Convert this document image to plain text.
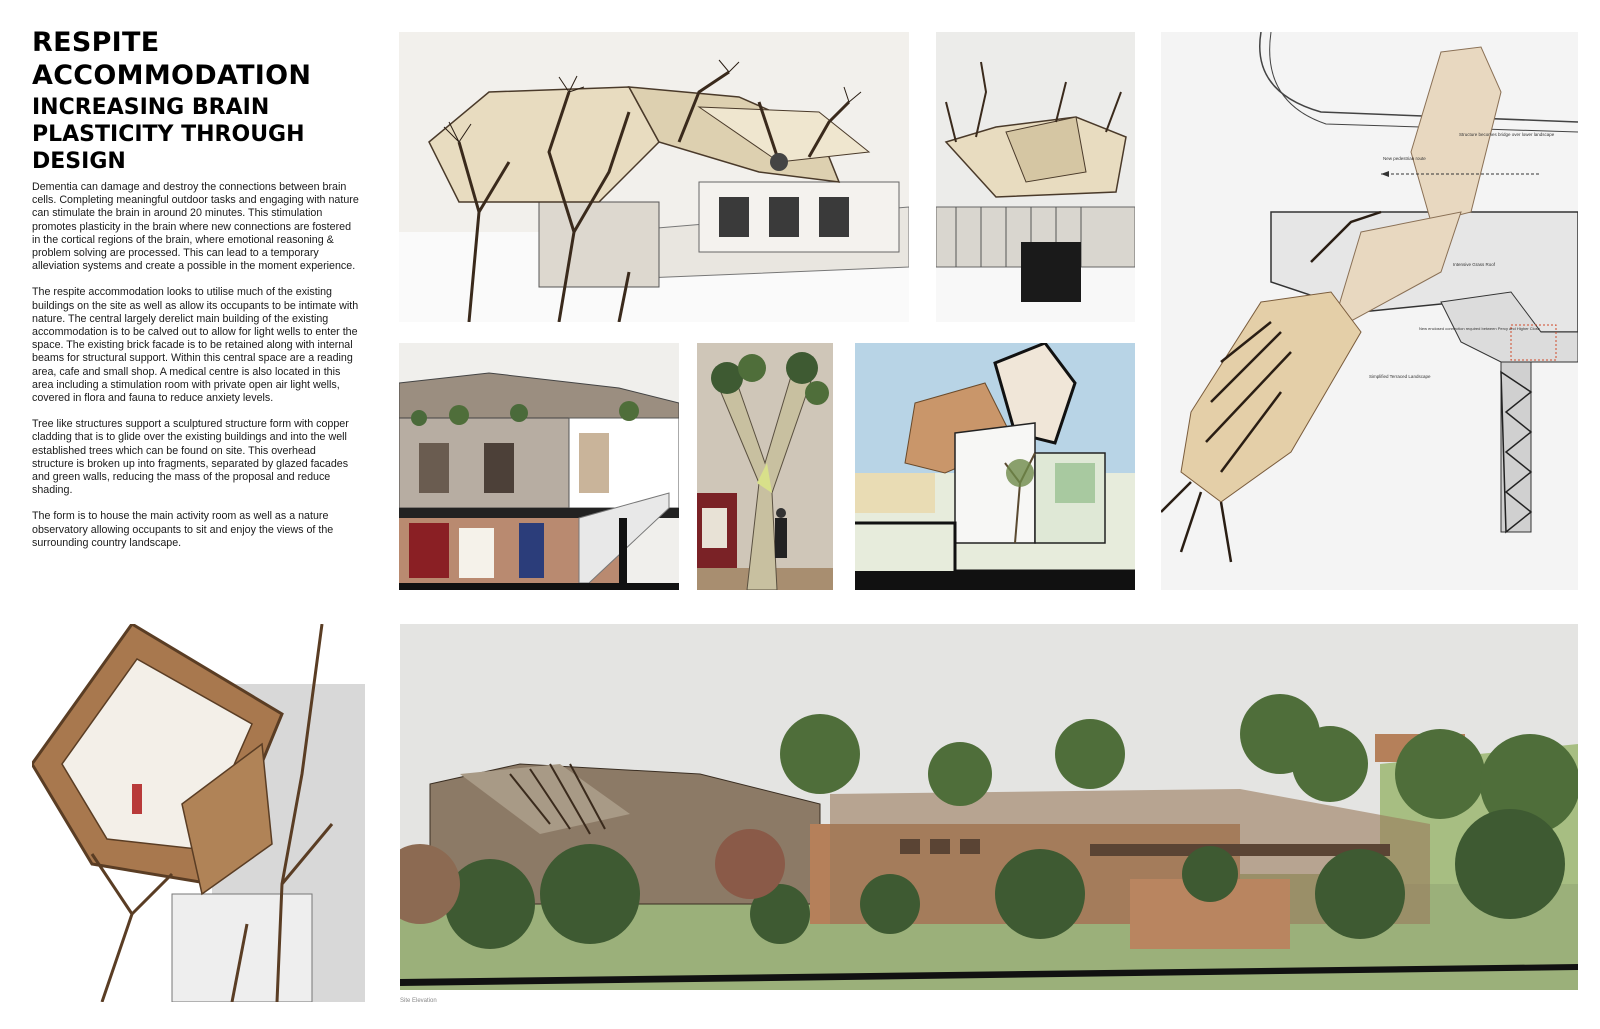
RESPITE ACCOMMODATION
INCREASING BRAIN PLASTICITY THROUGH DESIGN

Dementia can damage and destroy the connections between brain cells. Completing meaningful outdoor tasks and engaging with nature can stimulate the brain in around 20 minutes. This stimulation promotes plasticity in the brain where new connections are fostered in the cortical regions of the brain, where emotional reasoning & problem solving are processed. This can lead to a temporary alleviation systems and create a possible in the moment experience.

The respite accommodation looks to utilise much of the existing buildings on the site as well as allow its occupants to be intimate with nature. The central largely derelict main building of the existing accommodation is to be calved out to allow for light wells to enter the space. The existing brick facade is to be retained along with internal beams for structural support. Within this central space are a reading area, cafe and small shop. A medical centre is also located in this area including a stimulation room with private open air light wells, covered in flora and fauna to reduce anxiety levels.

Tree like structures support a sculptured structure form with copper cladding that is to glide over the existing buildings and into the well established trees which can be found on site. This overhead structure is broken up into fragments, separated by glazed facades and green walls, reducing the mass of the proposal and reduce shading.

The form is to house the main activity room as well as a nature observatory allowing occupants to sit and enjoy the views of the surrounding country landscape.

Structure becomes bridge over lower landscape
New pedestrian route
Intensive Grass Roof
New enclosed connection required between Percy and Higher Close
Simplified Terraced Landscape
Site Elevation
